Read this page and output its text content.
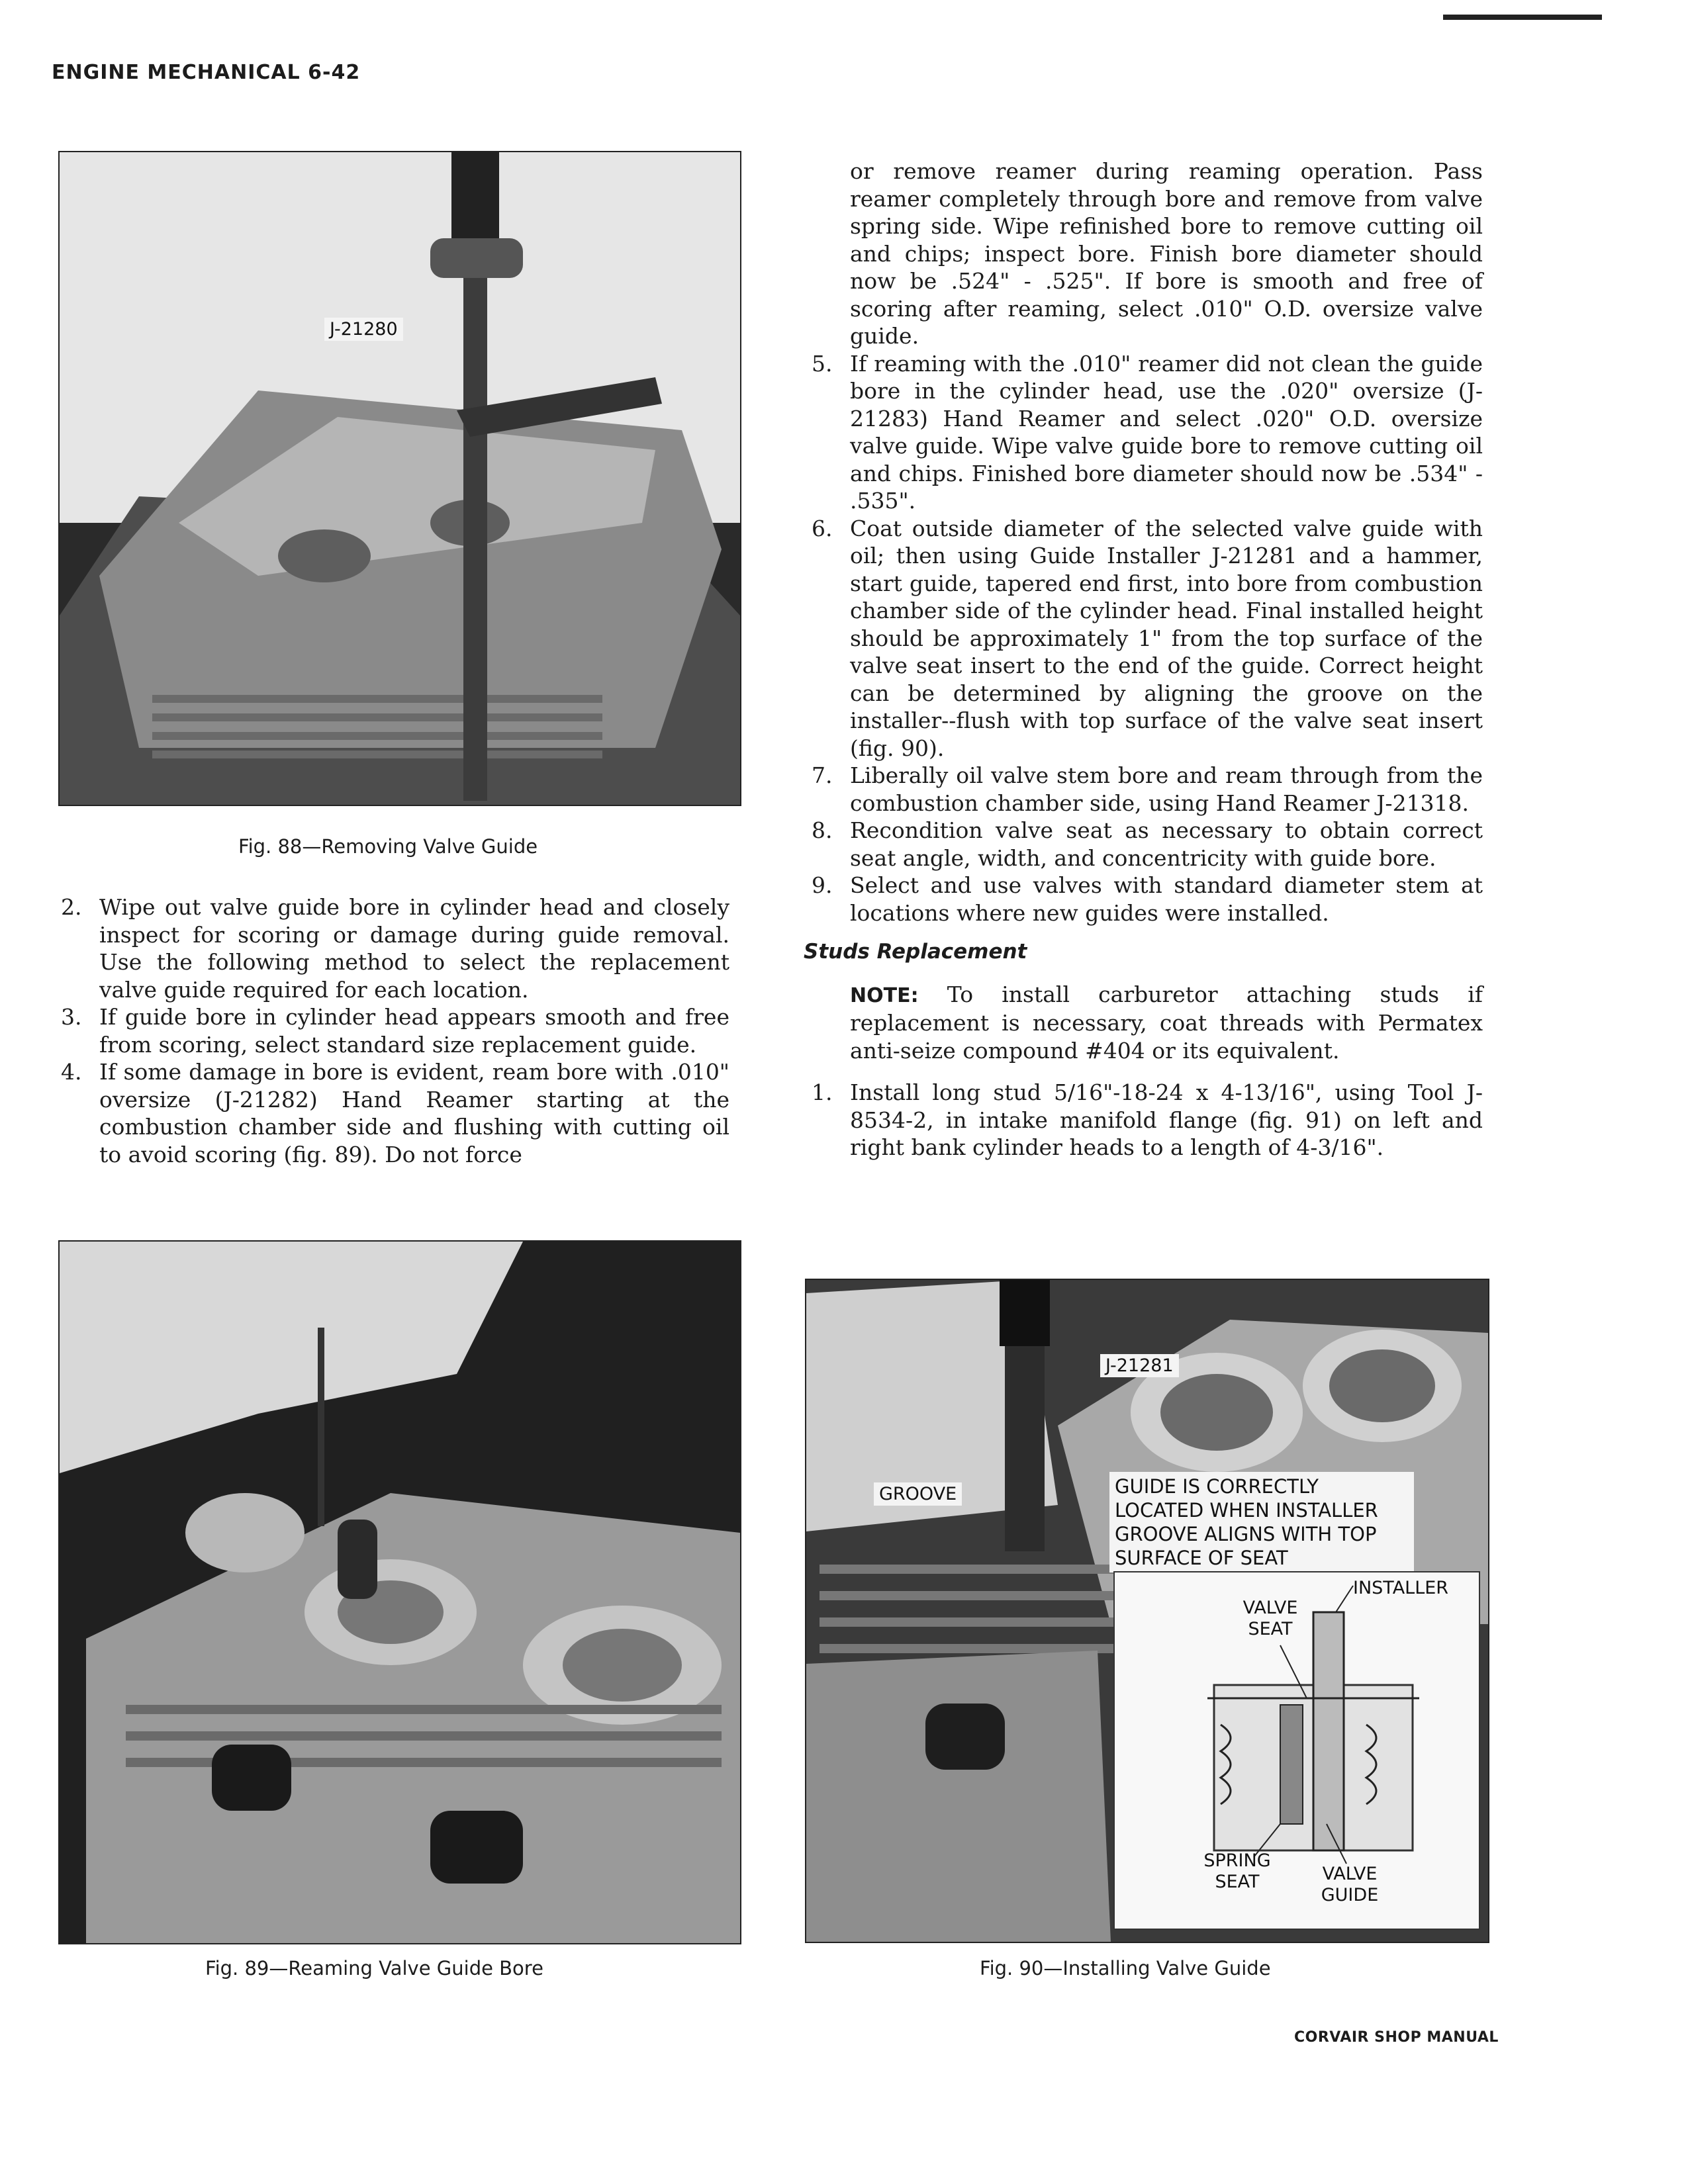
ENGINE MECHANICAL 6-42
J-21280
Fig. 88—Removing Valve Guide
2. Wipe out valve guide bore in cylinder head and closely inspect for scoring or damage during guide removal. Use the following method to select the replacement valve guide required for each location.
3. If guide bore in cylinder head appears smooth and free from scoring, select standard size replacement guide.
4. If some damage in bore is evident, ream bore with .010" oversize (J-21282) Hand Reamer starting at the combustion chamber side and flushing with cutting oil to avoid scoring (fig. 89). Do not force
Fig. 89—Reaming Valve Guide Bore

or remove reamer during reaming operation. Pass reamer completely through bore and remove from valve spring side. Wipe refinished bore to remove cutting oil and chips; inspect bore. Finish bore diameter should now be .524" - .525". If bore is smooth and free of scoring after reaming, select .010" O.D. oversize valve guide.

5. If reaming with the .010" reamer did not clean the guide bore in the cylinder head, use the .020" oversize (J-21283) Hand Reamer and select .020" O.D. oversize valve guide. Wipe valve guide bore to remove cutting oil and chips. Finished bore diameter should now be .534" - .535".
6. Coat outside diameter of the selected valve guide with oil; then using Guide Installer J-21281 and a hammer, start guide, tapered end first, into bore from combustion chamber side of the cylinder head. Final installed height should be approximately 1" from the top surface of the valve seat insert to the end of the guide. Correct height can be determined by aligning the groove on the installer--flush with top surface of the valve seat insert (fig. 90).
7. Liberally oil valve stem bore and ream through from the combustion chamber side, using Hand Reamer J-21318.
8. Recondition valve seat as necessary to obtain correct seat angle, width, and concentricity with guide bore.
9. Select and use valves with standard diameter stem at locations where new guides were installed.
Studs Replacement
NOTE: To install carburetor attaching studs if replacement is necessary, coat threads with Permatex anti-seize compound #404 or its equivalent.
1. Install long stud 5/16"-18-24 x 4-13/16", using Tool J-8534-2, in intake manifold flange (fig. 91) on left and right bank cylinder heads to a length of 4-3/16".
J-21281
GROOVE	GUIDE IS CORRECTLY LOCATED WHEN INSTALLER GROOVE ALIGNS WITH TOP SURFACE OF SEAT
INSTALLER
VALVE SEAT
SPRING SEAT	VALVE GUIDE
Fig. 90—Installing Valve Guide
CORVAIR SHOP MANUAL
